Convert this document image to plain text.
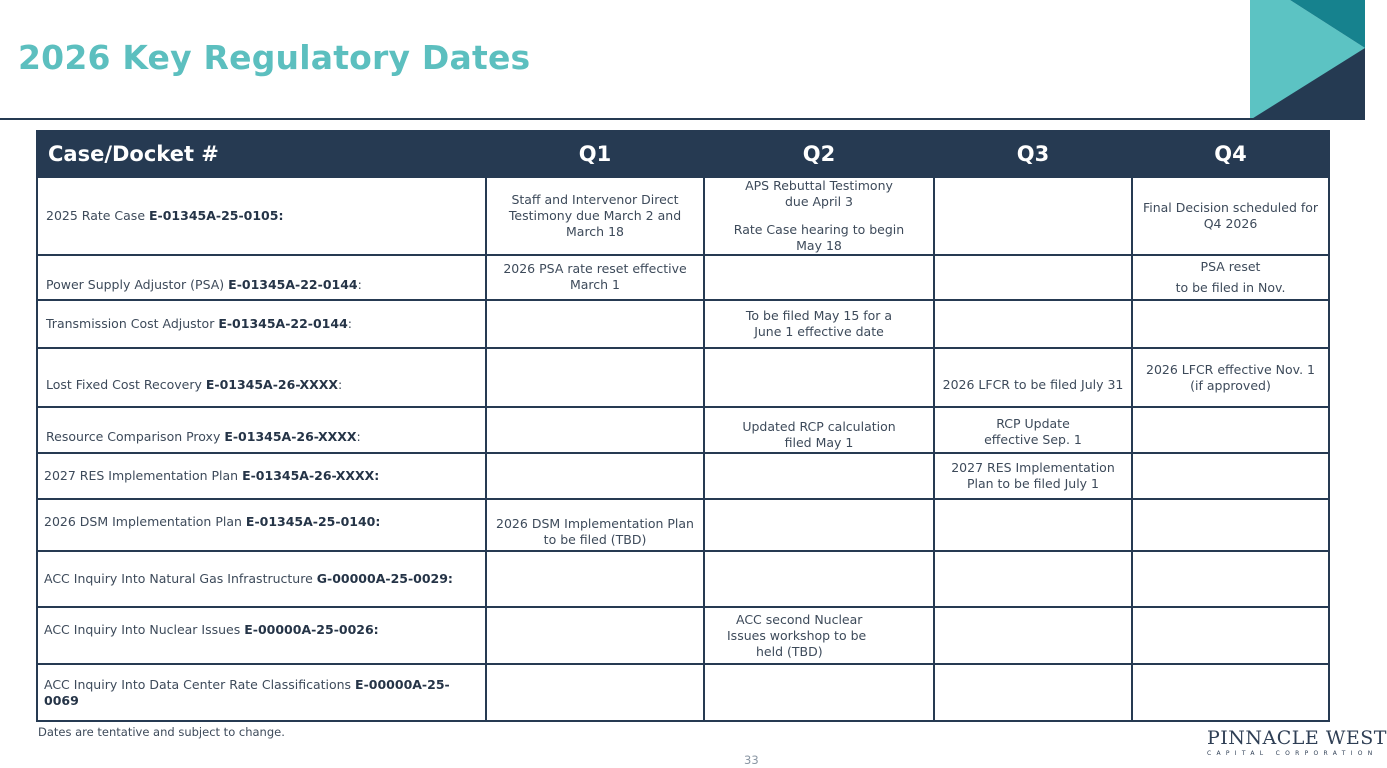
2026 Key Regulatory Dates
Case/Docket #	Q1	Q2	Q3	Q4
2025 Rate Case E-01345A-25-0105:	Staff and Intervenor Direct
Testimony due March 2 and
March 18	APS Rebuttal Testimony
due April 3
Rate Case hearing to begin
May 18		Final Decision scheduled for
Q4 2026

Power Supply Adjustor (PSA) E-01345A-22-0144:	2026 PSA rate reset effective
March 1			PSA reset
to be filed in Nov.

Transmission Cost Adjustor E-01345A-22-0144:		To be filed May 15 for a
June 1 effective date		

Lost Fixed Cost Recovery E-01345A-26-XXXX:			2026 LFCR to be filed July 31	2026 LFCR effective Nov. 1
(if approved)

Resource Comparison Proxy E-01345A-26-XXXX:		Updated RCP calculation
filed May 1	RCP Update
effective Sep. 1	

2027 RES Implementation Plan E-01345A-26-XXXX:			2027 RES Implementation
Plan to be filed July 1	

2026 DSM Implementation Plan E-01345A-25-0140:	2026 DSM Implementation Plan
to be filed (TBD)			

ACC Inquiry Into Natural Gas Infrastructure G-00000A-25-0029:				
ACC Inquiry Into Nuclear Issues E-00000A-25-0026:		ACC second Nuclear
Issues workshop to be
held (TBD)		

ACC Inquiry Into Data Center Rate Classifications E-00000A-25-
0069				
Dates are tentative and subject to change.
33
PINNACLE WEST
CAPITAL CORPORATION
